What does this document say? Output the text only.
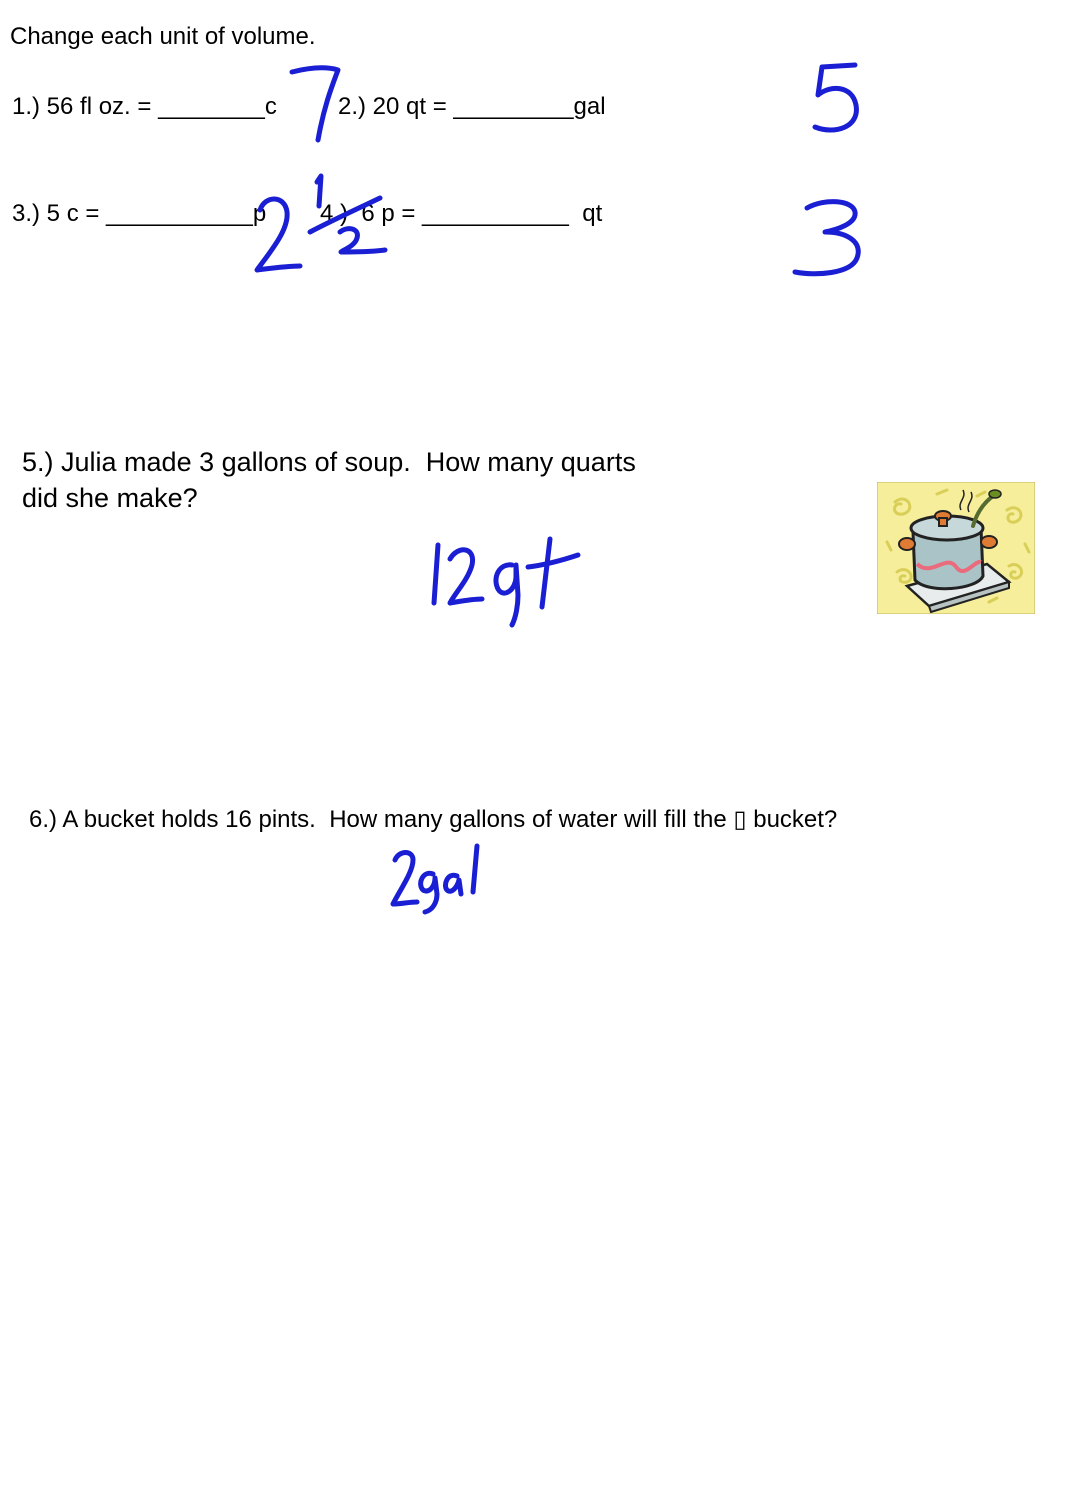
Change each unit of volume.
1.) 56 fl oz. = ________c	2.) 20 qt = _________gal
3.) 5 c = ___________p 4.)  6 p = ___________  qt
5.) Julia made 3 gallons of soup.  How many quarts
did she make?
6.) A bucket holds 16 pints.  How many gallons of water will fill the ▯ bucket?
